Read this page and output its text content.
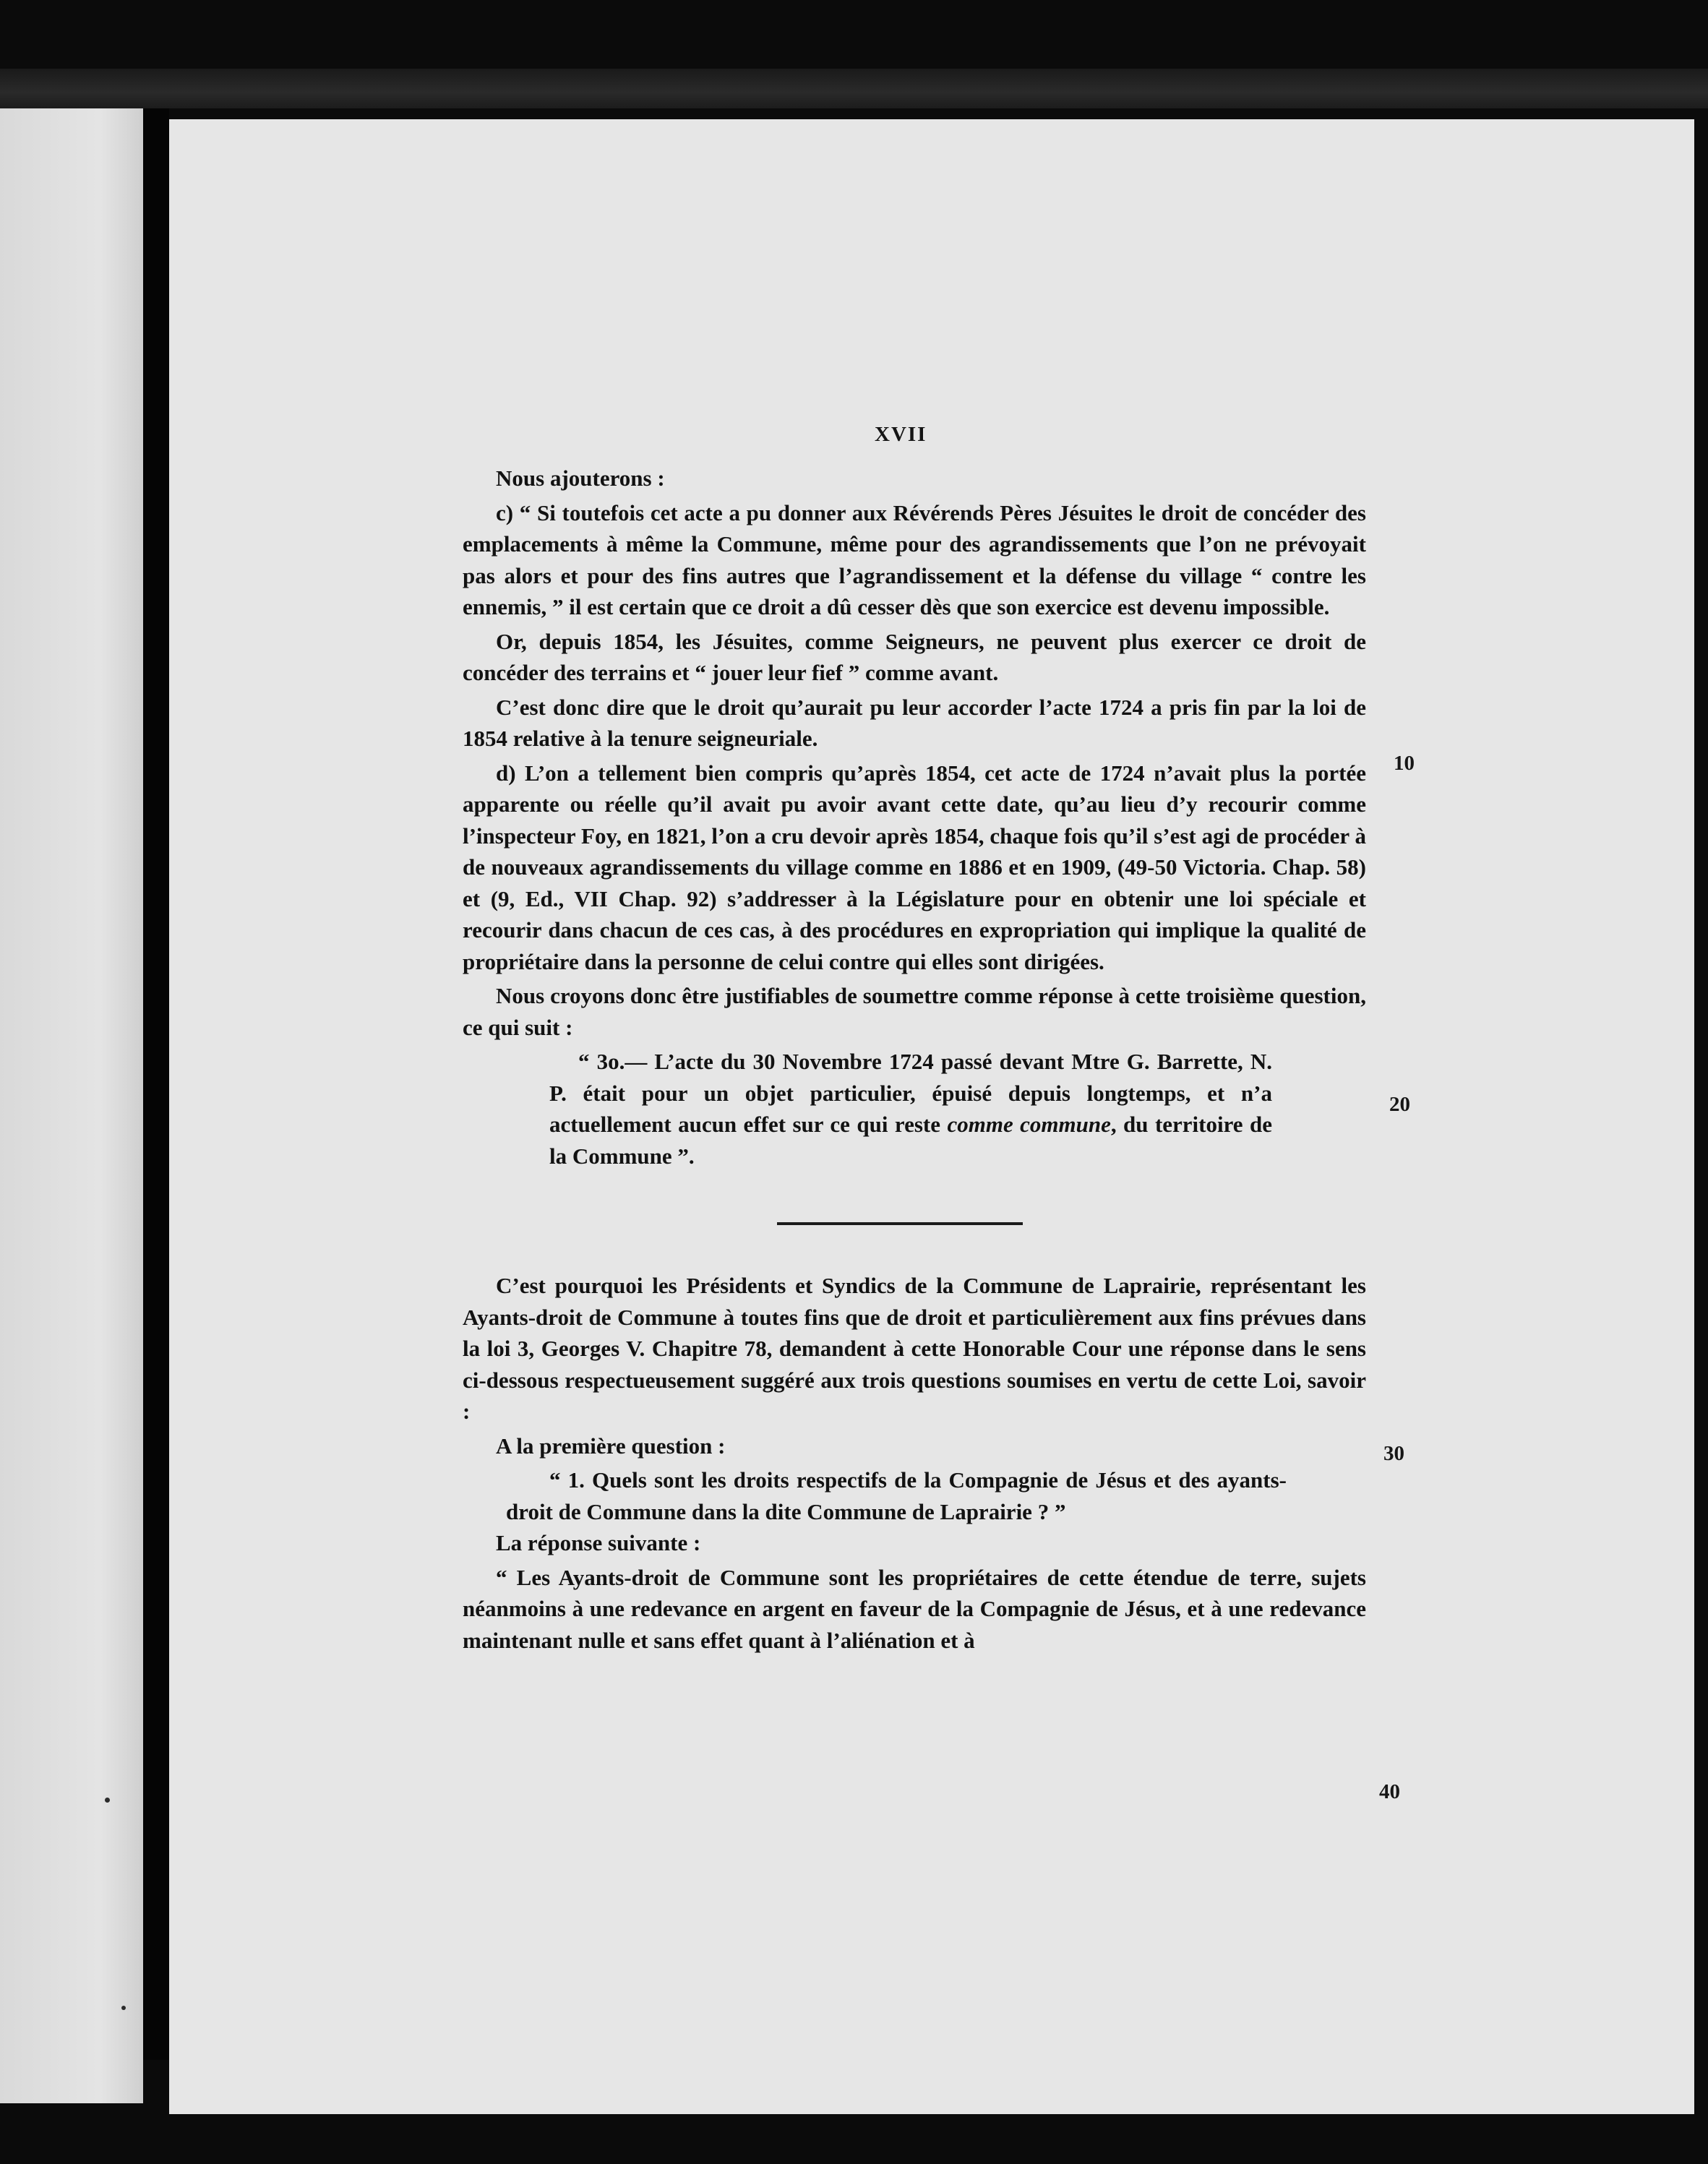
XVII

Nous ajouterons :

c) “ Si toutefois cet acte a pu donner aux Révérends Pères Jésuites le droit de concéder des emplacements à même la Commune, même pour des agrandissements que l’on ne prévoyait pas alors et pour des fins autres que l’agrandissement et la défense du village “ contre les ennemis, ” il est certain que ce droit a dû cesser dès que son exercice est devenu impossible.

Or, depuis 1854, les Jésuites, comme Seigneurs, ne peuvent plus exercer ce droit de concéder des terrains et “ jouer leur fief ” comme avant.

C’est donc dire que le droit qu’aurait pu leur accorder l’acte 1724 a pris fin par la loi de 1854 relative à la tenure seigneuriale.

d) L’on a tellement bien compris qu’après 1854, cet acte de 1724 n’avait plus la portée apparente ou réelle qu’il avait pu avoir avant cette date, qu’au lieu d’y recourir comme l’inspecteur Foy, en 1821, l’on a cru devoir après 1854, chaque fois qu’il s’est agi de procéder à de nouveaux agrandissements du village comme en 1886 et en 1909, (49-50 Victoria. Chap. 58) et (9, Ed., VII Chap. 92) s’addresser à la Législature pour en obtenir une loi spéciale et recourir dans chacun de ces cas, à des procédures en expropriation qui implique la qualité de propriétaire dans la personne de celui contre qui elles sont dirigées.

Nous croyons donc être justifiables de soumettre comme réponse à cette troisième question, ce qui suit :

“ 3o.— L’acte du 30 Novembre 1724 passé devant Mtre G. Barrette, N. P. était pour un objet particulier, épuisé depuis longtemps, et n’a actuellement aucun effet sur ce qui reste comme commune, du territoire de la Commune ”.

C’est pourquoi les Présidents et Syndics de la Commune de Laprairie, représentant les Ayants-droit de Commune à toutes fins que de droit et particulièrement aux fins prévues dans la loi 3, Georges V. Chapitre 78, demandent à cette Honorable Cour une réponse dans le sens ci-dessous respectueusement suggéré aux trois questions soumises en vertu de cette Loi, savoir :

A la première question :

“ 1. Quels sont les droits respectifs de la Compagnie de Jésus et des ayants-droit de Commune dans la dite Commune de Laprairie ? ”

La réponse suivante :

“ Les Ayants-droit de Commune sont les propriétaires de cette étendue de terre, sujets néanmoins à une redevance en argent en faveur de la Compagnie de Jésus, et à une redevance maintenant nulle et sans effet quant à l’aliénation et à

10
20
30
40
